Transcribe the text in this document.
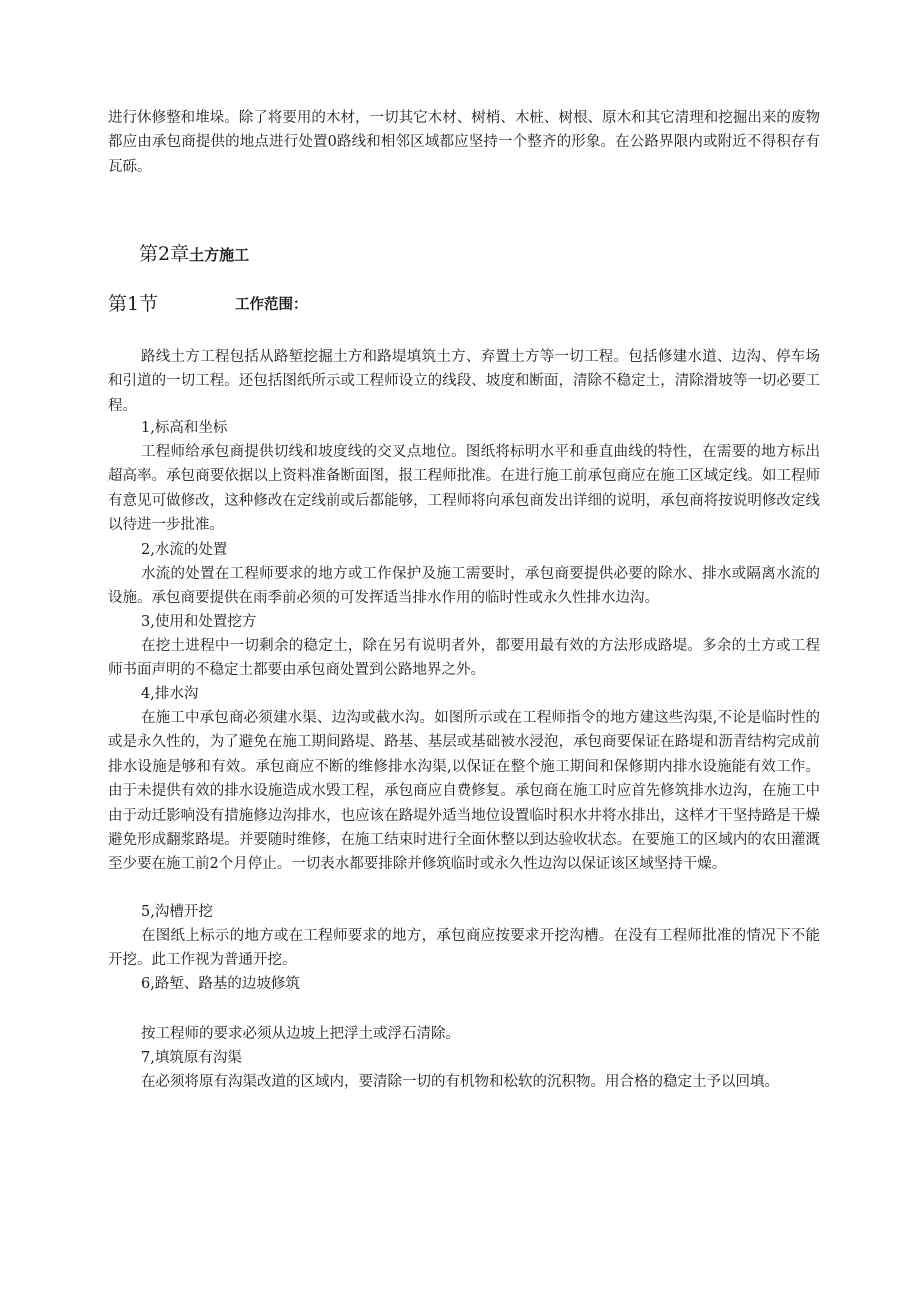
进行休修整和堆垛。除了将要用的木材，一切其它木材、树梢、木桩、树根、原木和其它清理和挖掘出来的废物都应由承包商提供的地点进行处置0路线和相邻区域都应坚持一个整齐的形象。在公路界限内或附近不得积存有瓦砾。

第2章土方施工

第1节	工作范围：

路线土方工程包括从路堑挖掘土方和路堤填筑土方、弃置土方等一切工程。包括修建水道、边沟、停车场和引道的一切工程。还包括图纸所示或工程师设立的线段、坡度和断面，清除不稳定土，清除滑坡等一切必要工程。

1,标高和坐标

工程师给承包商提供切线和坡度线的交叉点地位。图纸将标明水平和垂直曲线的特性，在需要的地方标出超高率。承包商要依据以上资料准备断面图，报工程师批准。在进行施工前承包商应在施工区域定线。如工程师有意见可做修改，这种修改在定线前或后都能够，工程师将向承包商发出详细的说明，承包商将按说明修改定线以待进一步批准。

2,水流的处置

水流的处置在工程师要求的地方或工作保护及施工需要时，承包商要提供必要的除水、排水或隔离水流的设施。承包商要提供在雨季前必须的可发挥适当排水作用的临时性或永久性排水边沟。

3,使用和处置挖方

在挖土进程中一切剩余的稳定土，除在另有说明者外，都要用最有效的方法形成路堤。多余的土方或工程师书面声明的不稳定土都要由承包商处置到公路地界之外。

4,排水沟

在施工中承包商必须建水渠、边沟或截水沟。如图所示或在工程师指令的地方建这些沟渠,不论是临时性的或是永久性的，为了避免在施工期间路堤、路基、基层或基础被水浸泡，承包商要保证在路堤和沥青结构完成前排水设施是够和有效。承包商应不断的维修排水沟渠,以保证在整个施工期间和保修期内排水设施能有效工作。由于未提供有效的排水设施造成水毁工程，承包商应自费修复。承包商在施工时应首先修筑排水边沟，在施工中由于动迁影响没有措施修边沟排水，也应该在路堤外适当地位设置临时积水井将水排出，这样才干坚持路是干燥避免形成翻浆路堤。并要随时维修，在施工结束时进行全面休整以到达验收状态。在要施工的区域内的农田灌溉至少要在施工前2个月停止。一切表水都要排除并修筑临时或永久性边沟以保证该区域坚持干燥。

5,沟槽开挖

在图纸上标示的地方或在工程师要求的地方，承包商应按要求开挖沟槽。在没有工程师批准的情况下不能开挖。此工作视为普通开挖。

6,路堑、路基的边坡修筑

按工程师的要求必须从边坡上把浮土或浮石清除。

7,填筑原有沟渠

在必须将原有沟渠改道的区域内，要清除一切的有机物和松软的沉积物。用合格的稳定土予以回填。
